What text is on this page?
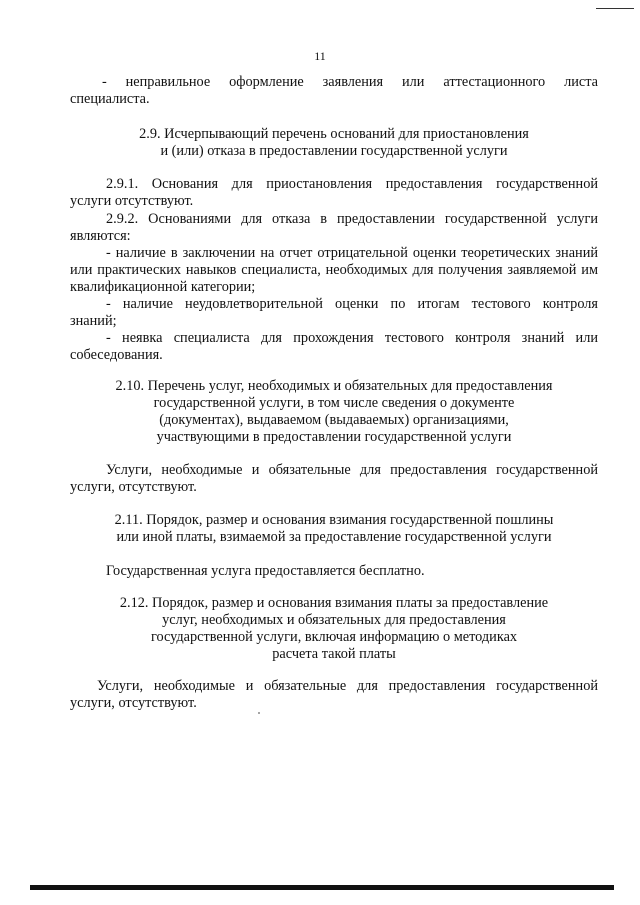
11
- неправильное оформление заявления или аттестационного листа
специалиста.
2.9. Исчерпывающий перечень оснований для приостановления
и (или) отказа в предоставлении государственной услуги
2.9.1. Основания для приостановления предоставления государственной
услуги отсутствуют.
2.9.2. Основаниями для отказа в предоставлении государственной услуги
являются:
- наличие в заключении на отчет отрицательной оценки теоретических знаний
или практических навыков специалиста, необходимых для получения заявляемой им
квалификационной категории;
- наличие неудовлетворительной оценки по итогам тестового контроля
знаний;
- неявка специалиста для прохождения тестового контроля знаний или
собеседования.
2.10. Перечень услуг, необходимых и обязательных для предоставления
государственной услуги, в том числе сведения о документе
(документах), выдаваемом (выдаваемых) организациями,
участвующими в предоставлении государственной услуги
Услуги, необходимые и обязательные для предоставления государственной
услуги, отсутствуют.
2.11. Порядок, размер и основания взимания государственной пошлины
или иной платы, взимаемой за предоставление государственной услуги
Государственная услуга предоставляется бесплатно.
2.12. Порядок, размер и основания взимания платы за предоставление
услуг, необходимых и обязательных для предоставления
государственной услуги, включая информацию о методиках
расчета такой платы
Услуги, необходимые и обязательные для предоставления государственной
услуги, отсутствуют.
